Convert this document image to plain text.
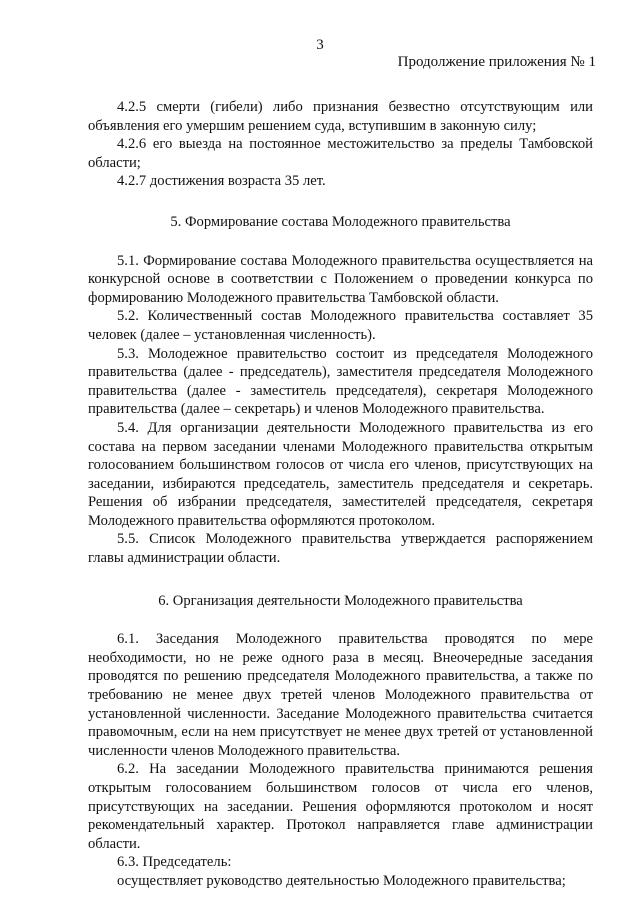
3
Продолжение приложения № 1

4.2.5 смерти (гибели) либо признания безвестно отсутствующим или объявления его умершим решением суда, вступившим в законную силу;

4.2.6 его выезда на постоянное местожительство за пределы Тамбовской области;

4.2.7 достижения возраста 35 лет.

5. Формирование состава Молодежного правительства

5.1. Формирование состава Молодежного правительства осуществляется на конкурсной основе в соответствии с Положением о проведении конкурса по формированию Молодежного правительства Тамбовской области.

5.2. Количественный состав Молодежного правительства составляет 35 человек (далее – установленная численность).

5.3. Молодежное правительство состоит из председателя Молодежного правительства (далее - председатель), заместителя председателя Молодежного правительства (далее - заместитель председателя), секретаря Молодежного правительства (далее – секретарь) и членов Молодежного правительства.

5.4. Для организации деятельности Молодежного правительства из его состава на первом заседании членами Молодежного правительства открытым голосованием большинством голосов от числа его членов, присутствующих на заседании, избираются председатель, заместитель председателя и секретарь. Решения об избрании председателя, заместителей председателя, секретаря Молодежного правительства оформляются протоколом.

5.5. Список Молодежного правительства утверждается распоряжением главы администрации области.

6. Организация деятельности Молодежного правительства

6.1. Заседания Молодежного правительства проводятся по мере необходимости, но не реже одного раза в месяц. Внеочередные заседания проводятся по решению председателя Молодежного правительства, а также по требованию не менее двух третей членов Молодежного правительства от установленной численности. Заседание Молодежного правительства считается правомочным, если на нем присутствует не менее двух третей от установленной численности членов Молодежного правительства.

6.2. На заседании Молодежного правительства принимаются решения открытым голосованием большинством голосов от числа его членов, присутствующих на заседании. Решения оформляются протоколом и носят рекомендательный характер. Протокол направляется главе администрации области.

6.3. Председатель:

осуществляет руководство деятельностью Молодежного правительства;
